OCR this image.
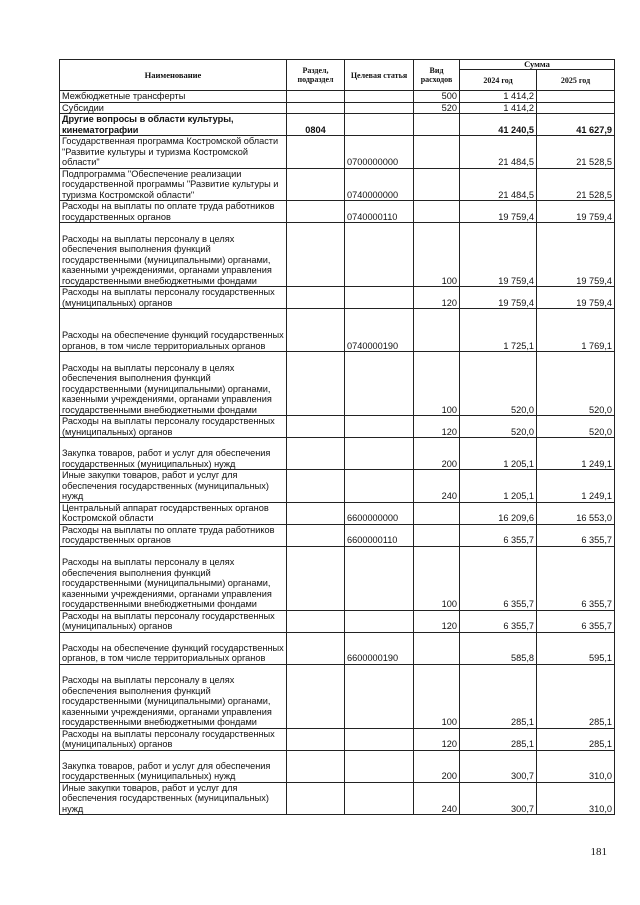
Наименование	Раздел, подраздел	Целевая статья	Вид расходов	Сумма	
				2024 год	2025 год
Межбюджетные трансферты			500	1 414,2	
Субсидии			520	1 414,2	
Другие вопросы в области культуры, кинематографии	0804			41 240,5	41 627,9
Государственная программа Костромской области "Развитие культуры и туризма Костромской области"		0700000000		21 484,5	21 528,5
Подпрограмма "Обеспечение реализации государственной программы "Развитие культуры и туризма Костромской области"		0740000000		21 484,5	21 528,5
Расходы на выплаты по оплате труда работников государственных органов		0740000110		19 759,4	19 759,4
Расходы на выплаты персоналу в целях обеспечения выполнения функций государственными (муниципальными) органами, казенными учреждениями, органами управления государственными внебюджетными фондами			100	19 759,4	19 759,4
Расходы на выплаты персоналу государственных (муниципальных) органов			120	19 759,4	19 759,4
Расходы на обеспечение функций государственных органов, в том числе территориальных органов		0740000190		1 725,1	1 769,1
Расходы на выплаты персоналу в целях обеспечения выполнения функций государственными (муниципальными) органами, казенными учреждениями, органами управления государственными внебюджетными фондами			100	520,0	520,0
Расходы на выплаты персоналу государственных (муниципальных) органов			120	520,0	520,0
Закупка товаров, работ и услуг для обеспечения государственных (муниципальных) нужд			200	1 205,1	1 249,1
Иные закупки товаров, работ и услуг для обеспечения государственных (муниципальных) нужд			240	1 205,1	1 249,1
Центральный аппарат государственных органов Костромской области		6600000000		16 209,6	16 553,0
Расходы на выплаты по оплате труда работников государственных органов		6600000110		6 355,7	6 355,7
Расходы на выплаты персоналу в целях обеспечения выполнения функций государственными (муниципальными) органами, казенными учреждениями, органами управления государственными внебюджетными фондами			100	6 355,7	6 355,7
Расходы на выплаты персоналу государственных (муниципальных) органов			120	6 355,7	6 355,7
Расходы на обеспечение функций государственных органов, в том числе территориальных органов		6600000190		585,8	595,1
Расходы на выплаты персоналу в целях обеспечения выполнения функций государственными (муниципальными) органами, казенными учреждениями, органами управления государственными внебюджетными фондами			100	285,1	285,1
Расходы на выплаты персоналу государственных (муниципальных) органов			120	285,1	285,1
Закупка товаров, работ и услуг для обеспечения государственных (муниципальных) нужд			200	300,7	310,0
Иные закупки товаров, работ и услуг для обеспечения государственных (муниципальных) нужд			240	300,7	310,0
181
